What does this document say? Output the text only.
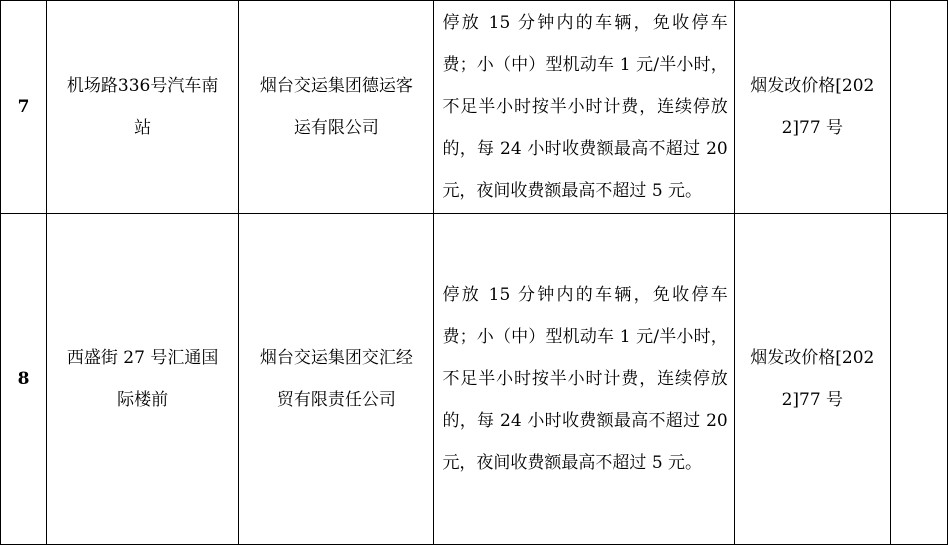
7	机场路336号汽车南站	烟台交运集团德运客运有限公司	停放 15 分钟内的车辆，免收停车费；小（中）型机动车 1 元/半小时，不足半小时按半小时计费，连续停放的，每 24 小时收费额最高不超过 20 元，夜间收费额最高不超过 5 元。	烟发改价格[2022]77 号	

8	西盛街 27 号汇通国际楼前	烟台交运集团交汇经贸有限责任公司	停放 15 分钟内的车辆，免收停车费；小（中）型机动车 1 元/半小时，不足半小时按半小时计费，连续停放的，每 24 小时收费额最高不超过 20 元，夜间收费额最高不超过 5 元。	烟发改价格[2022]77 号	
